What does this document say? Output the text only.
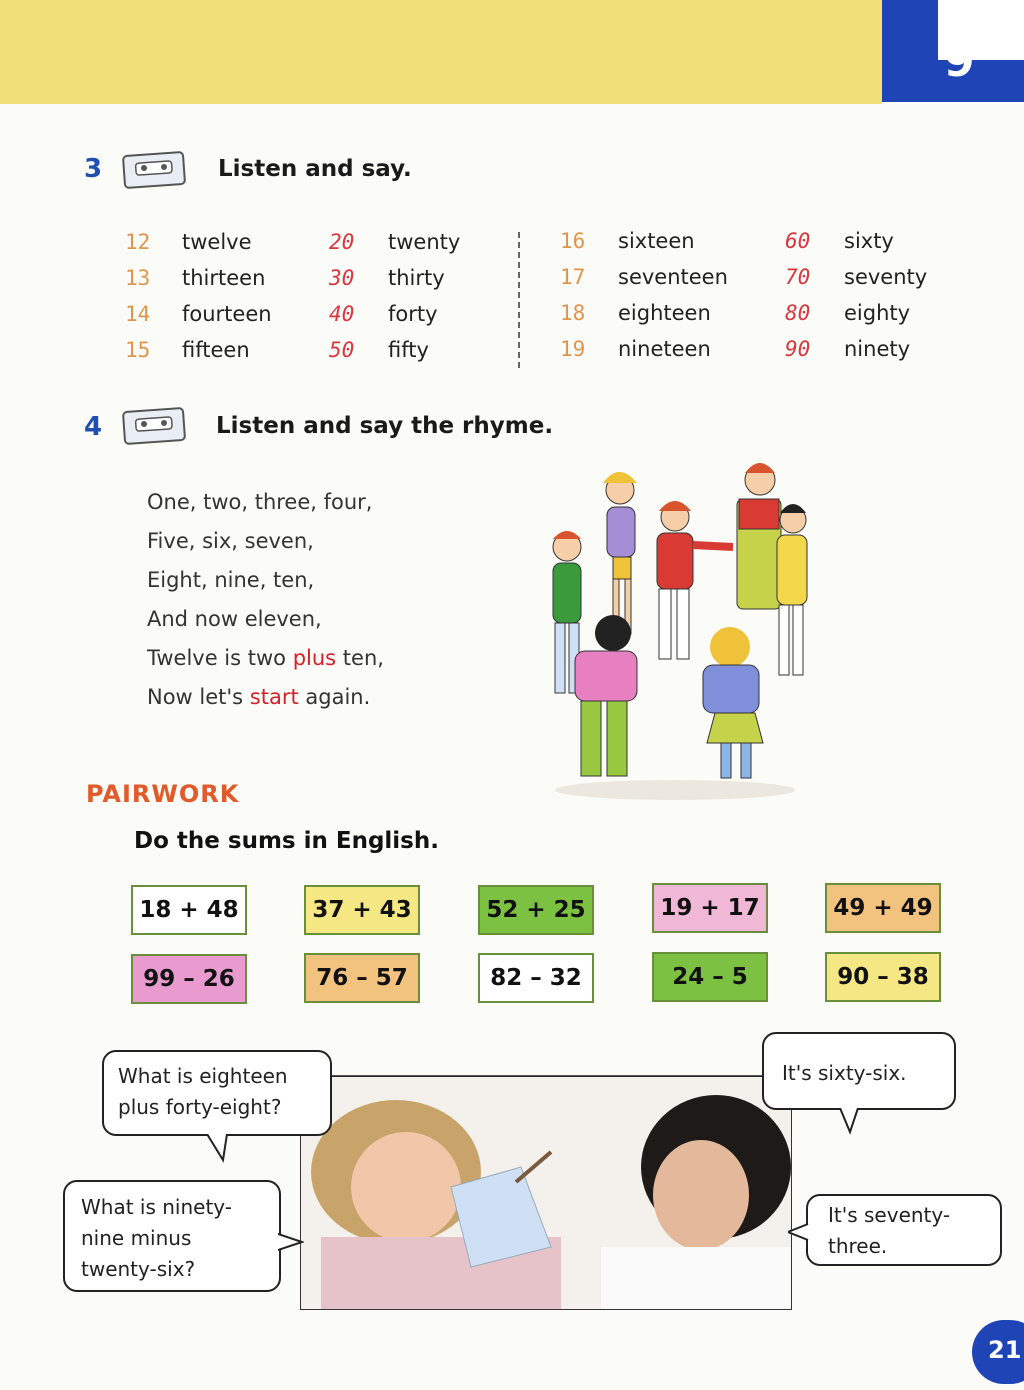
U
9
3	Listen and say.
12 twelve	20 twenty
13 thirteen	30 thirty
14 fourteen	40 forty
15 fifteen	50 fifty
16 sixteen	60 sixty
17 seventeen	70 seventy
18 eighteen	80 eighty
19 nineteen	90 ninety
4	Listen and say the rhyme.
One, two, three, four,
Five, six, seven,
Eight, nine, ten,
And now eleven,
Twelve is two plus ten,
Now let's start again.
PAIRWORK
Do the sums in English.
18 + 48	37 + 43	52 + 25	19 + 17	49 + 49
99 – 26	76 – 57	82 – 32	24 – 5	90 – 38
What is eighteen
plus forty-eight?
It's sixty-six.
What is ninety-
nine minus
twenty-six?
It's seventy-
three.
21
